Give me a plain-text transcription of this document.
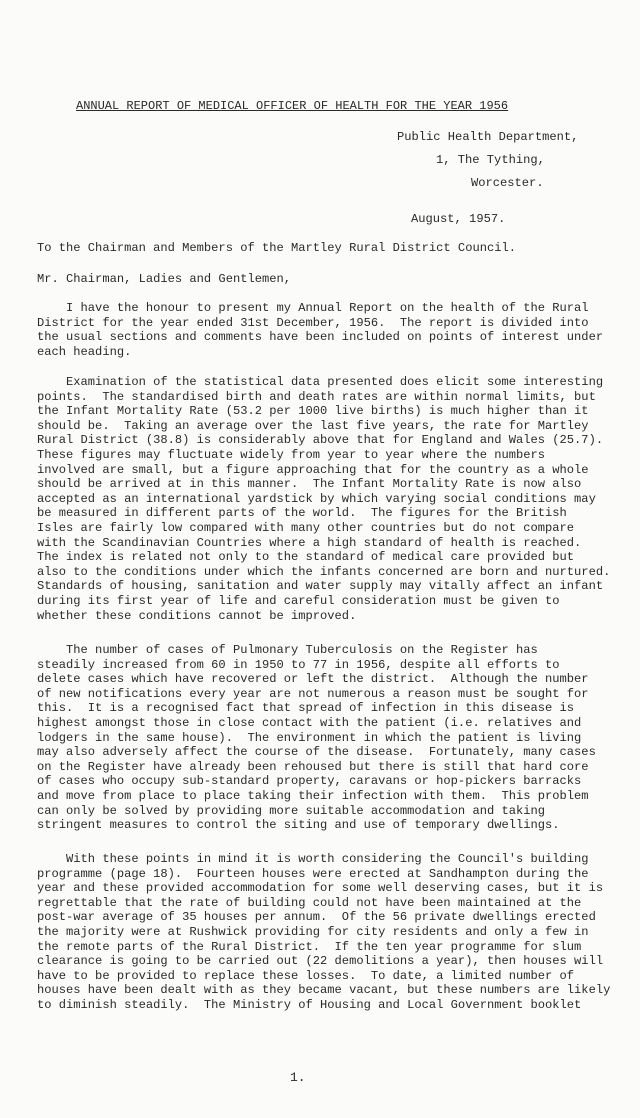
ANNUAL REPORT OF MEDICAL OFFICER OF HEALTH FOR THE YEAR 1956
Public Health Department,
1, The Tything,
Worcester.
August, 1957.
To the Chairman and Members of the Martley Rural District Council.
Mr. Chairman, Ladies and Gentlemen,

I have the honour to present my Annual Report on the health of the Rural

District for the year ended 31st December, 1956.  The report is divided into

the usual sections and comments have been included on points of interest under

each heading.

Examination of the statistical data presented does elicit some interesting

points.  The standardised birth and death rates are within normal limits, but

the Infant Mortality Rate (53.2 per 1000 live births) is much higher than it

should be.  Taking an average over the last five years, the rate for Martley

Rural District (38.8) is considerably above that for England and Wales (25.7).

These figures may fluctuate widely from year to year where the numbers

involved are small, but a figure approaching that for the country as a whole

should be arrived at in this manner.  The Infant Mortality Rate is now also

accepted as an international yardstick by which varying social conditions may

be measured in different parts of the world.  The figures for the British

Isles are fairly low compared with many other countries but do not compare

with the Scandinavian Countries where a high standard of health is reached.

The index is related not only to the standard of medical care provided but

also to the conditions under which the infants concerned are born and nurtured.

Standards of housing, sanitation and water supply may vitally affect an infant

during its first year of life and careful consideration must be given to

whether these conditions cannot be improved.

The number of cases of Pulmonary Tuberculosis on the Register has

steadily increased from 60 in 1950 to 77 in 1956, despite all efforts to

delete cases which have recovered or left the district.  Although the number

of new notifications every year are not numerous a reason must be sought for

this.  It is a recognised fact that spread of infection in this disease is

highest amongst those in close contact with the patient (i.e. relatives and

lodgers in the same house).  The environment in which the patient is living

may also adversely affect the course of the disease.  Fortunately, many cases

on the Register have already been rehoused but there is still that hard core

of cases who occupy sub-standard property, caravans or hop-pickers barracks

and move from place to place taking their infection with them.  This problem

can only be solved by providing more suitable accommodation and taking

stringent measures to control the siting and use of temporary dwellings.

With these points in mind it is worth considering the Council's building

programme (page 18).  Fourteen houses were erected at Sandhampton during the

year and these provided accommodation for some well deserving cases, but it is

regrettable that the rate of building could not have been maintained at the

post-war average of 35 houses per annum.  Of the 56 private dwellings erected

the majority were at Rushwick providing for city residents and only a few in

the remote parts of the Rural District.  If the ten year programme for slum

clearance is going to be carried out (22 demolitions a year), then houses will

have to be provided to replace these losses.  To date, a limited number of

houses have been dealt with as they became vacant, but these numbers are likely

to diminish steadily.  The Ministry of Housing and Local Government booklet

1.
